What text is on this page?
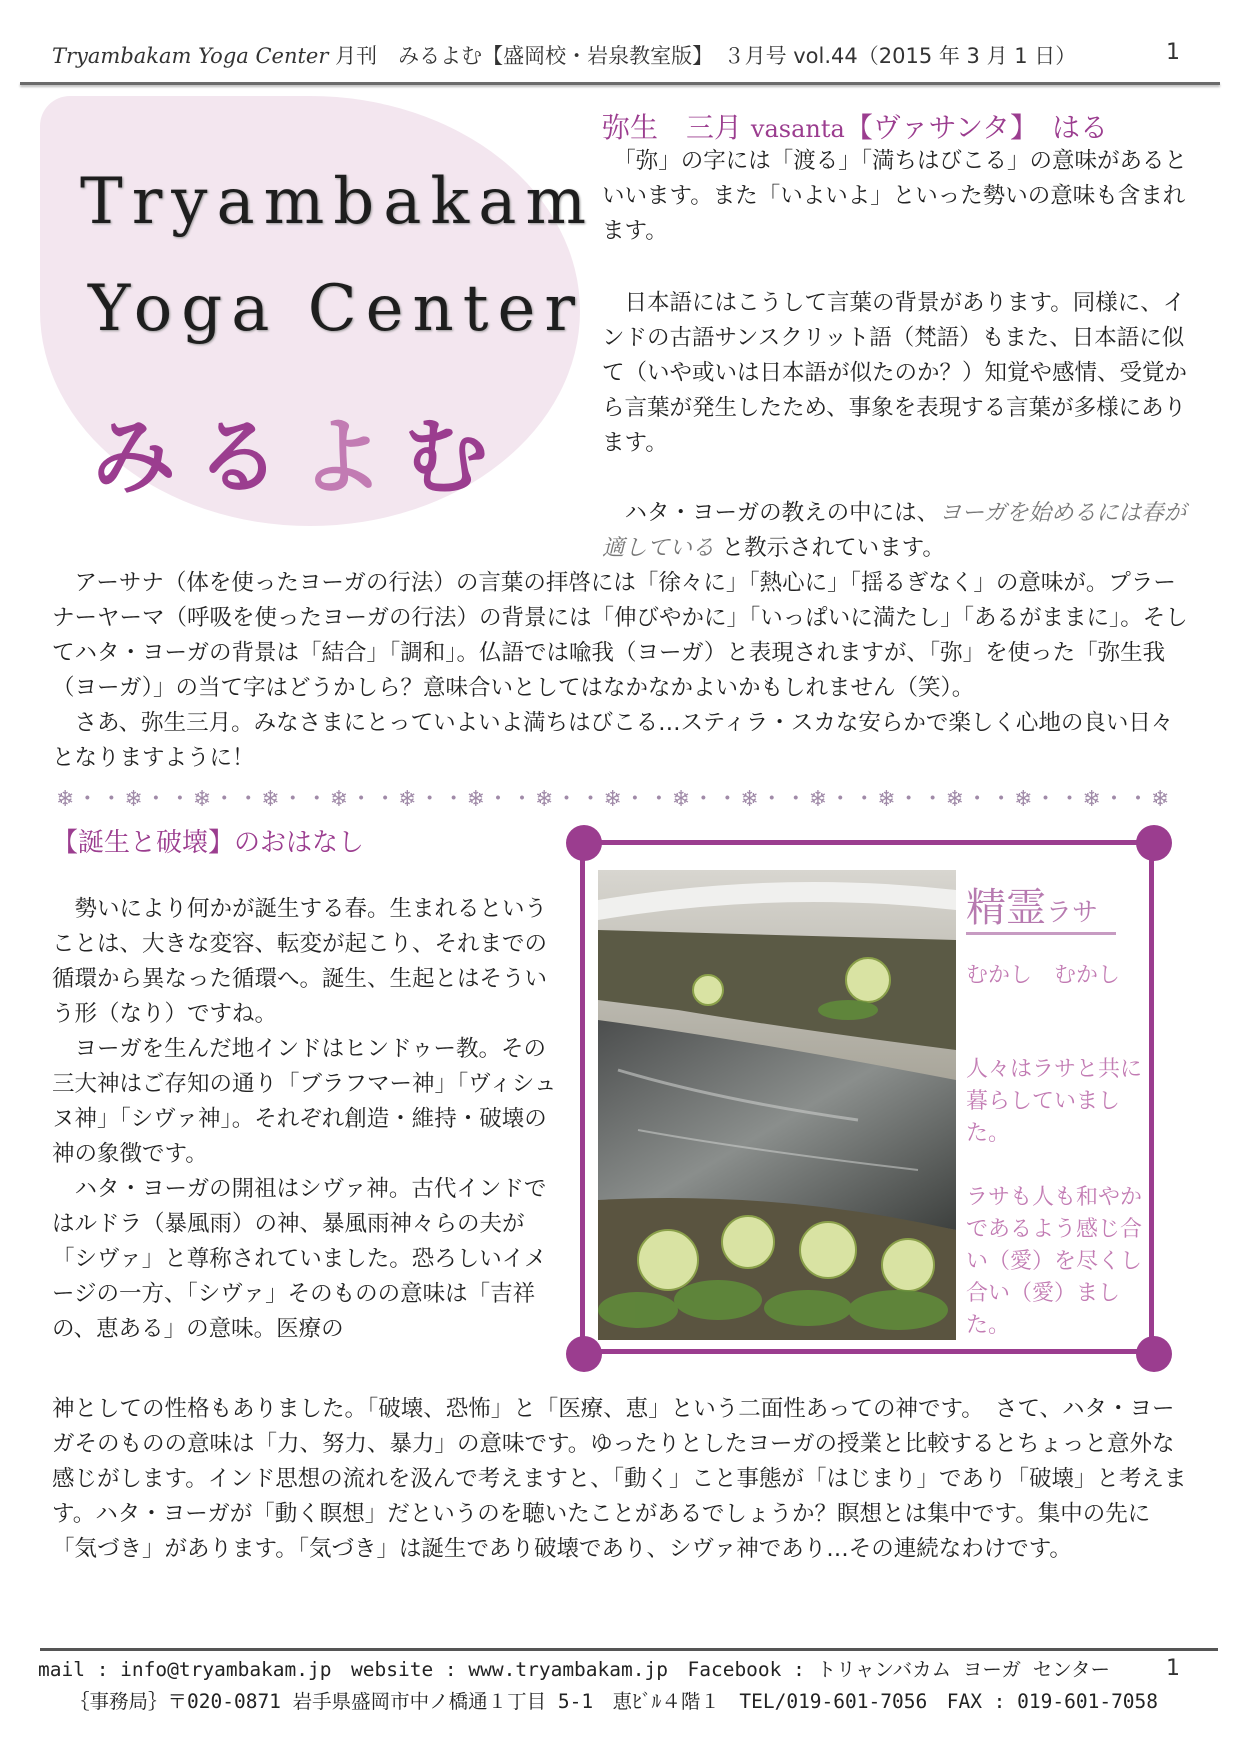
Tryambakam Yoga Center 月刊　みるよむ【盛岡校・岩泉教室版】　３月号 vol.44（2015 年 3 月 1 日）	1
Tryambakam
Yoga Center
みるよむ
弥生　三月 vasanta【ヴァサンタ】　はる

　「弥」の字には「渡る」「満ちはびこる」の意味があるといいます。また「いよいよ」といった勢いの意味も含まれます。

　日本語にはこうして言葉の背景があります。同様に、インドの古語サンスクリット語（梵語）もまた、日本語に似て（いや或いは日本語が似たのか？）知覚や感情、受覚から言葉が発生したため、事象を表現する言葉が多様にあります。

　ハタ・ヨーガの教えの中には、ヨーガを始めるには春が適している と教示されています。

　アーサナ（体を使ったヨーガの行法）の言葉の拝啓には「徐々に」「熱心に」「揺るぎなく」の意味が。プラーナーヤーマ（呼吸を使ったヨーガの行法）の背景には「伸びやかに」「いっぱいに満たし」「あるがままに」。そしてハタ・ヨーガの背景は「結合」「調和」。仏語では喩我（ヨーガ）と表現されますが、「弥」を使った「弥生我（ヨーガ）」の当て字はどうかしら？意味合いとしてはなかなかよいかもしれません（笑）。

　さあ、弥生三月。みなさまにとっていよいよ満ちはびこる…スティラ・スカな安らかで楽しく心地の良い日々となりますように！

❄・・❄・・❄・・❄・・❄・・❄・・❄・・❄・・❄・・❄・・❄・・❄・・❄・・❄・・❄・・❄・・❄
【誕生と破壊】のおはなし

　勢いにより何かが誕生する春。生まれるということは、大きな変容、転変が起こり、それまでの循環から異なった循環へ。誕生、生起とはそういう形（なり）ですね。

　ヨーガを生んだ地インドはヒンドゥー教。その三大神はご存知の通り「ブラフマー神」「ヴィシュヌ神」「シヴァ神」。それぞれ創造・維持・破壊の神の象徴です。

　ハタ・ヨーガの開祖はシヴァ神。古代インドではルドラ（暴風雨）の神、暴風雨神々らの夫が「シヴァ」と尊称されていました。恐ろしいイメージの一方、「シヴァ」そのものの意味は「吉祥の、恵ある」の意味。医療の

神としての性格もありました。「破壊、恐怖」と「医療、恵」という二面性あっての神です。　さて、ハタ・ヨーガそのものの意味は「力、努力、暴力」の意味です。ゆったりとしたヨーガの授業と比較するとちょっと意外な感じがします。インド思想の流れを汲んで考えますと、「動く」こと事態が「はじまり」であり「破壊」と考えます。ハタ・ヨーガが「動く瞑想」だというのを聴いたことがあるでしょうか？瞑想とは集中です。集中の先に「気づき」があります。「気づき」は誕生であり破壊であり、シヴァ神であり…その連続なわけです。

精霊ラサ

むかし　むかし

人々はラサと共に暮らしていました。

ラサも人も和やかであるよう感じ合い（愛）を尽くし合い（愛）ました。

mail : info@tryambakam.jp　website : www.tryambakam.jp　Facebook : トリャンバカム ヨーガ センター
｛事務局｝〒020-0871 岩手県盛岡市中ノ橋通１丁目 5-1　恵ﾋﾞﾙ４階１　TEL/019-601-7056　FAX : 019-601-7058
1
